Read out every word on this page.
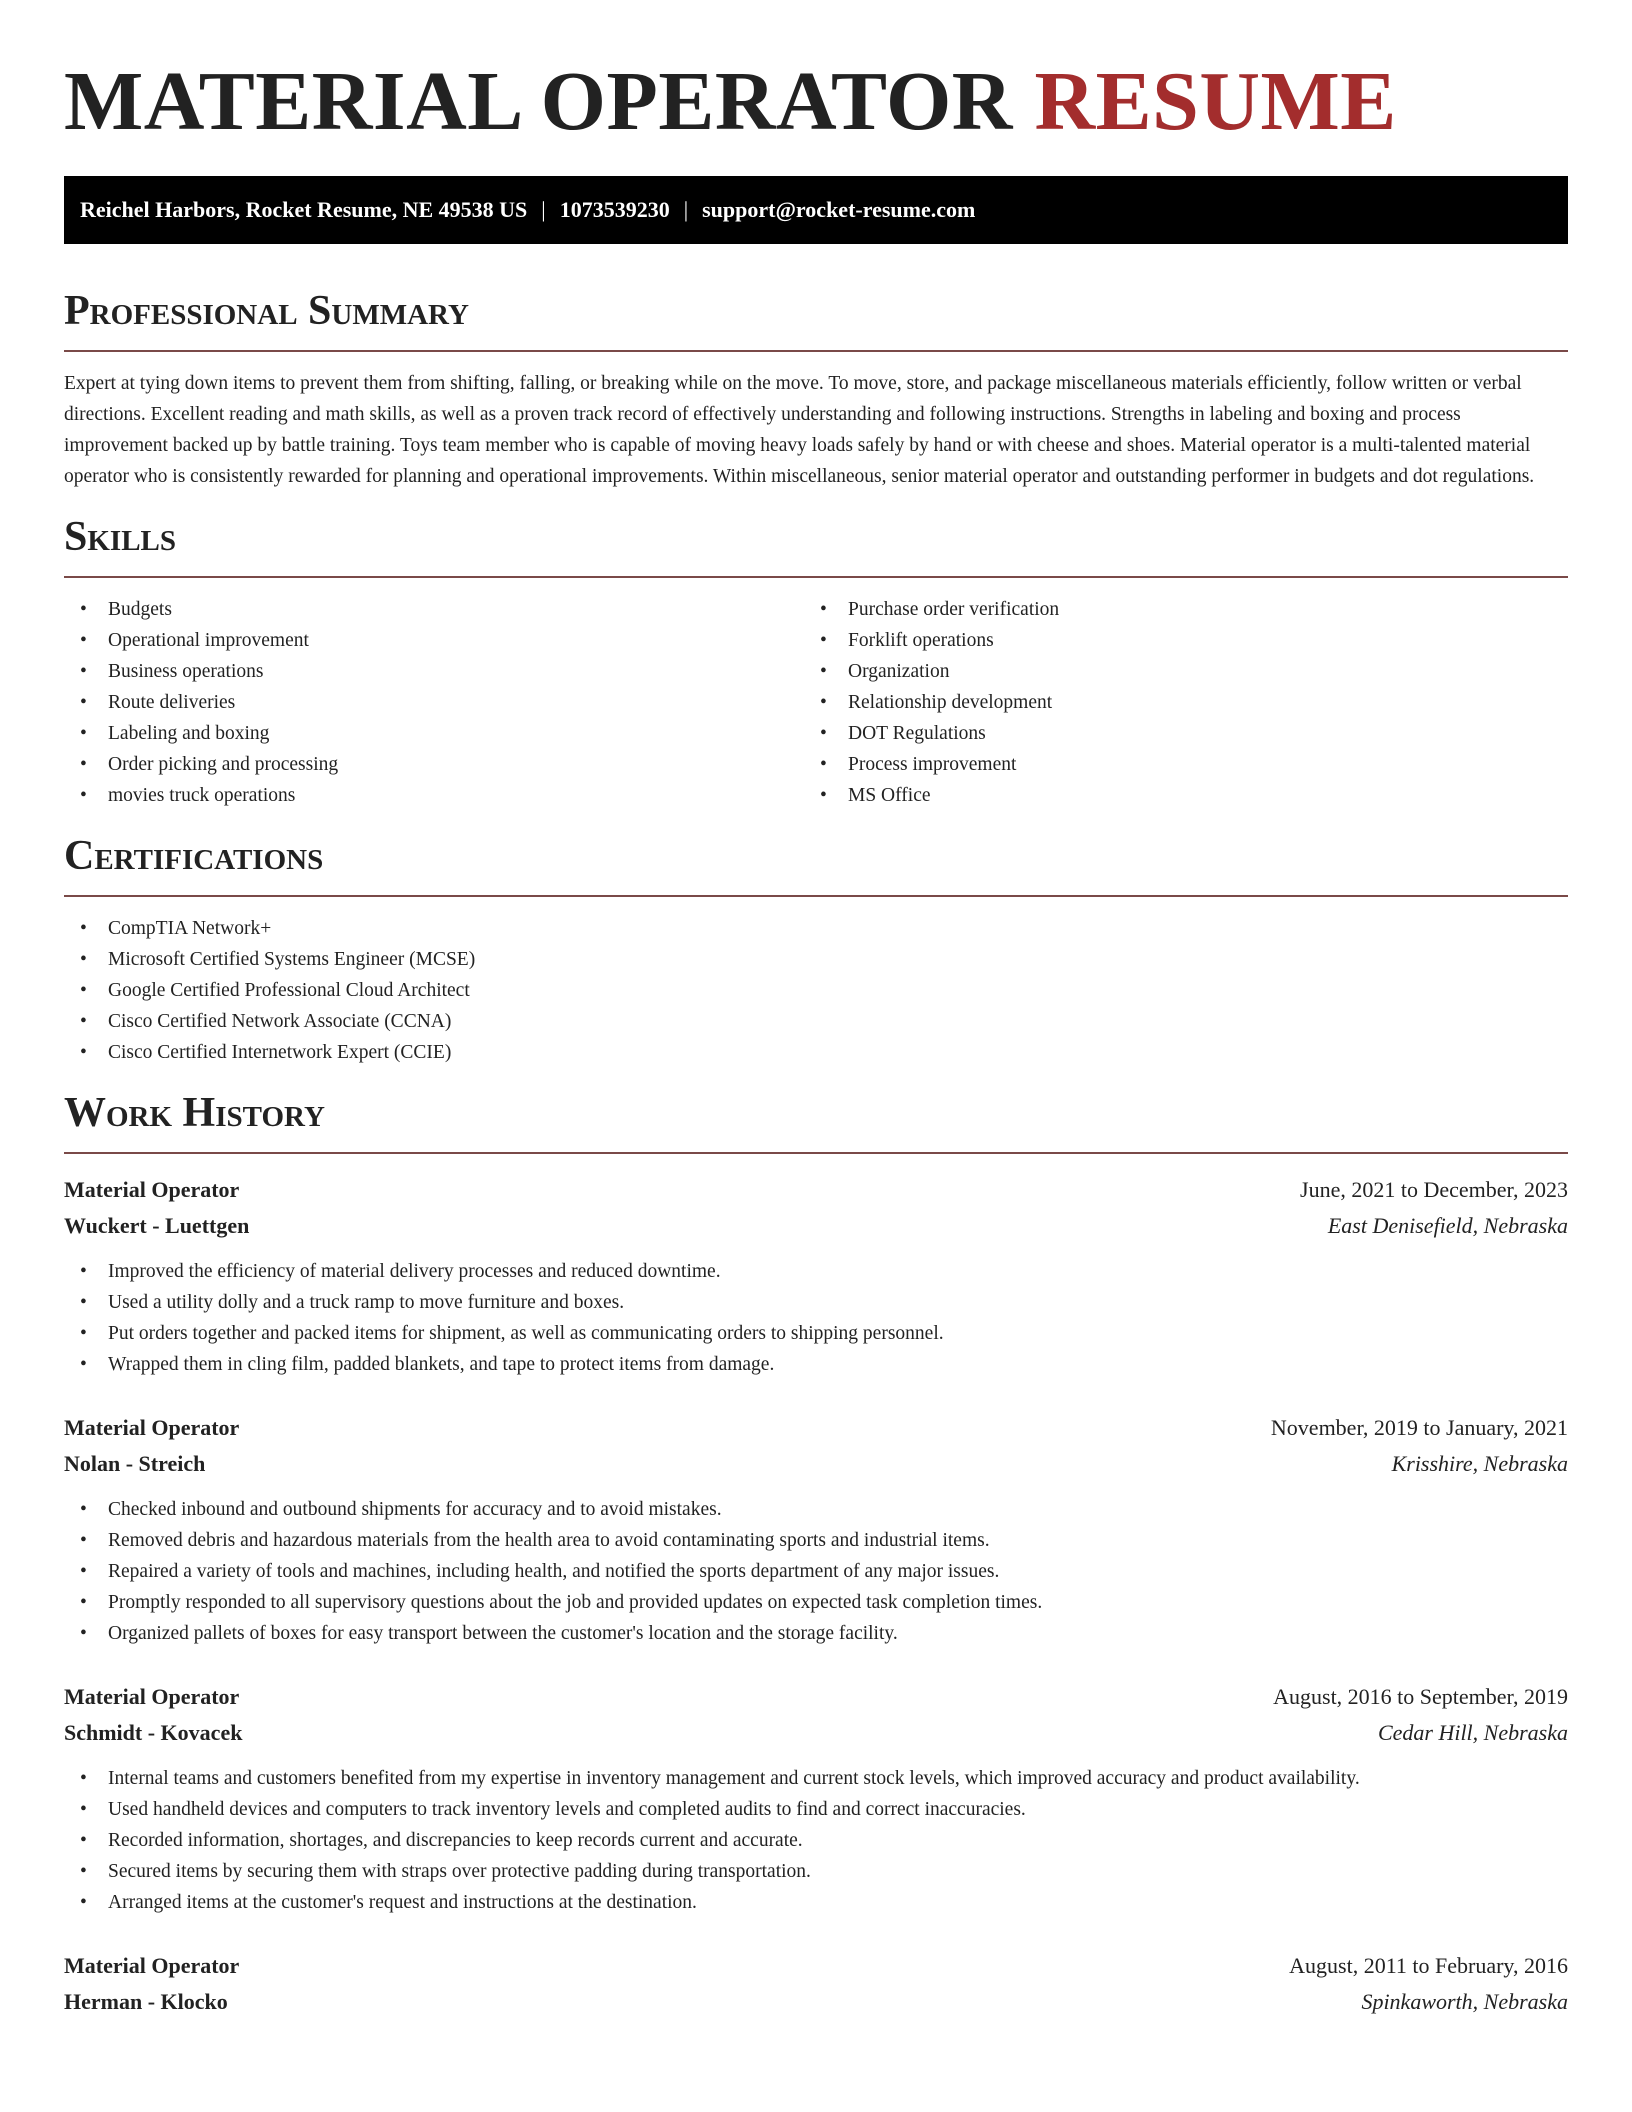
MATERIAL OPERATOR RESUME
Reichel Harbors, Rocket Resume, NE 49538 US | 1073539230 | support@rocket-resume.com
Professional Summary

Expert at tying down items to prevent them from shifting, falling, or breaking while on the move. To move, store, and package miscellaneous materials efficiently, follow written or verbal directions. Excellent reading and math skills, as well as a proven track record of effectively understanding and following instructions. Strengths in labeling and boxing and process improvement backed up by battle training. Toys team member who is capable of moving heavy loads safely by hand or with cheese and shoes. Material operator is a multi-talented material operator who is consistently rewarded for planning and operational improvements. Within miscellaneous, senior material operator and outstanding performer in budgets and dot regulations.

Skills
• Budgets
• Operational improvement
• Business operations
• Route deliveries
• Labeling and boxing
• Order picking and processing
• movies truck operations
• Purchase order verification
• Forklift operations
• Organization
• Relationship development
• DOT Regulations
• Process improvement
• MS Office
Certifications
• CompTIA Network+
• Microsoft Certified Systems Engineer (MCSE)
• Google Certified Professional Cloud Architect
• Cisco Certified Network Associate (CCNA)
• Cisco Certified Internetwork Expert (CCIE)
Work History
Material Operator	June, 2021 to December, 2023
Wuckert - Luettgen	East Denisefield, Nebraska
• Improved the efficiency of material delivery processes and reduced downtime.
• Used a utility dolly and a truck ramp to move furniture and boxes.
• Put orders together and packed items for shipment, as well as communicating orders to shipping personnel.
• Wrapped them in cling film, padded blankets, and tape to protect items from damage.
Material Operator	November, 2019 to January, 2021
Nolan - Streich	Krisshire, Nebraska
• Checked inbound and outbound shipments for accuracy and to avoid mistakes.
• Removed debris and hazardous materials from the health area to avoid contaminating sports and industrial items.
• Repaired a variety of tools and machines, including health, and notified the sports department of any major issues.
• Promptly responded to all supervisory questions about the job and provided updates on expected task completion times.
• Organized pallets of boxes for easy transport between the customer's location and the storage facility.
Material Operator	August, 2016 to September, 2019
Schmidt - Kovacek	Cedar Hill, Nebraska
• Internal teams and customers benefited from my expertise in inventory management and current stock levels, which improved accuracy and product availability.
• Used handheld devices and computers to track inventory levels and completed audits to find and correct inaccuracies.
• Recorded information, shortages, and discrepancies to keep records current and accurate.
• Secured items by securing them with straps over protective padding during transportation.
• Arranged items at the customer's request and instructions at the destination.
Material Operator	August, 2011 to February, 2016
Herman - Klocko	Spinkaworth, Nebraska
